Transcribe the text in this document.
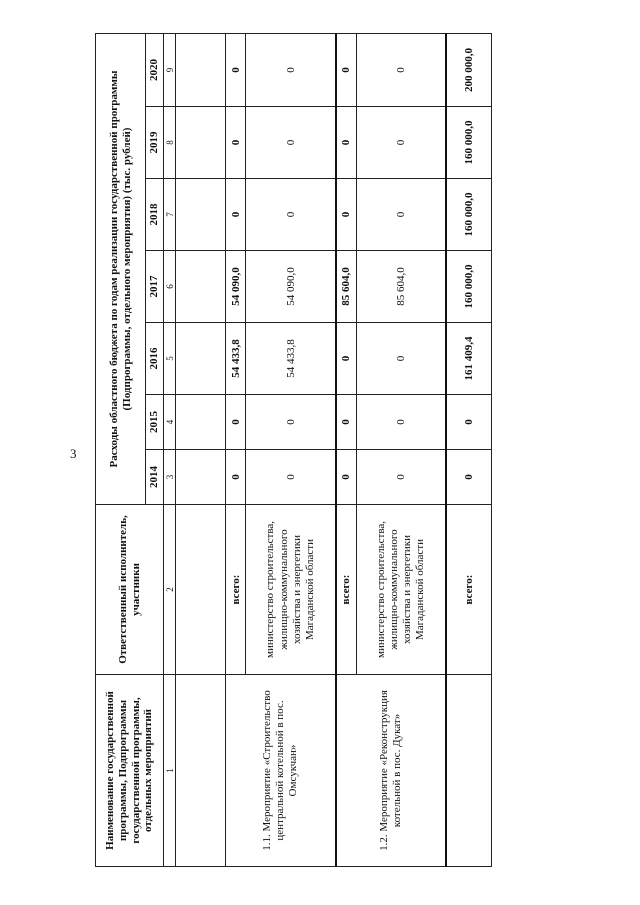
3
Наименование государственной программы, Подпрограммы государственной программы, отдельных мероприятий	Ответственный исполнитель, участники	Расходы областного бюджета по годам реализации государственной программы (Подпрограммы, отдельного мероприятия) (тыс. рублей)						
		2014	2015	2016	2017	2018	2019	2020
1	2	3	4	5	6	7	8	9

1.1. Мероприятие «Строительство центральной котельной в пос. Омсукчан»	всего:	0	0	54 433,8	54 090,0	0	0	0
	министерство строительства, жилищно-коммунального хозяйства и энергетики Магаданской области	0	0	54 433,8	54 090,0	0	0	0
1.2. Мероприятие «Реконструкция котельной в пос. Дукат»	всего:	0	0	0	85 604,0	0	0	0
	министерство строительства, жилищно-коммунального хозяйства и энергетики Магаданской области	0	0	0	85 604,0	0	0	0
	всего:	0	0	161 409,4	160 000,0	160 000,0	160 000,0	200 000,0
